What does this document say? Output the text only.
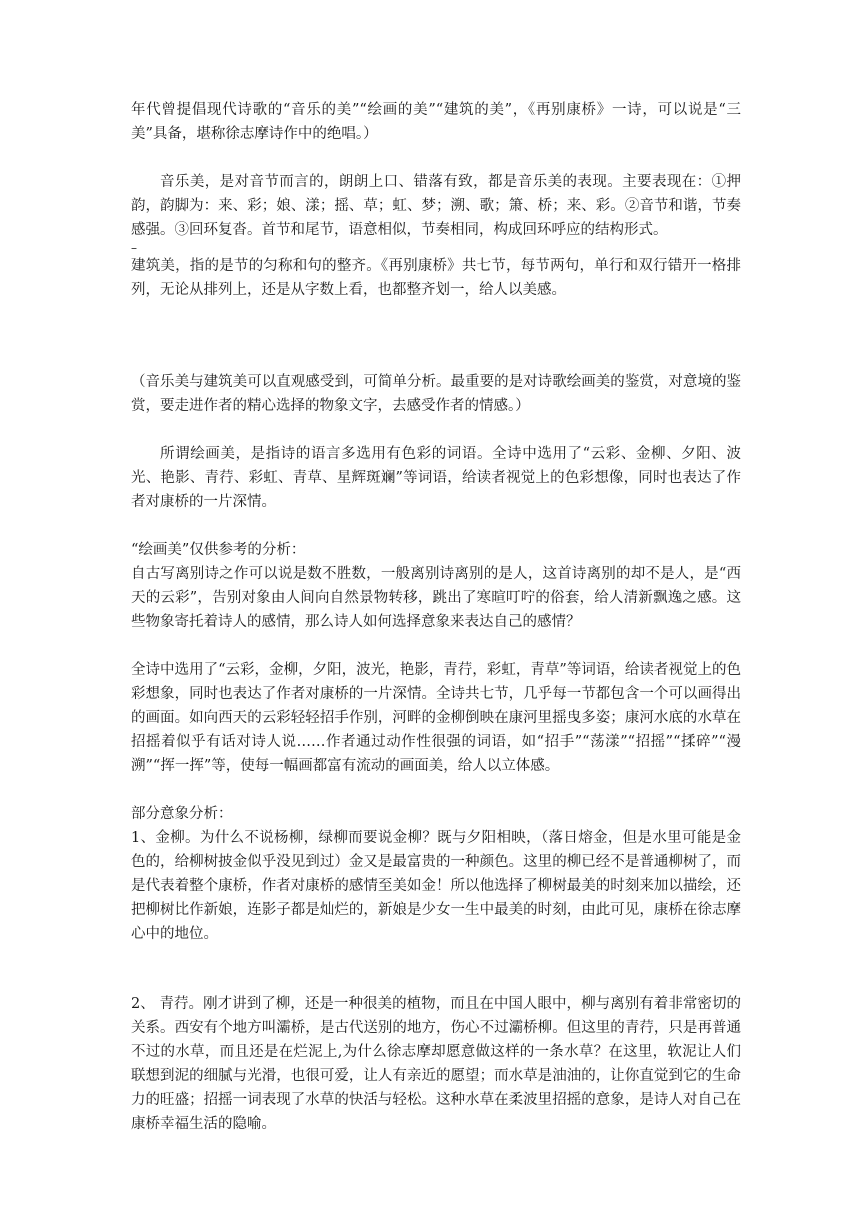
年代曾提倡现代诗歌的“音乐的美”“绘画的美”“建筑的美”，《再别康桥》一诗，可以说是“三美”具备，堪称徐志摩诗作中的绝唱。）

音乐美，是对音节而言的，朗朗上口、错落有致，都是音乐美的表现。主要表现在：①押韵，韵脚为：来、彩；娘、漾；摇、草；虹、梦；溯、歌；箫、桥；来、彩。②音节和谐，节奏感强。③回环复沓。首节和尾节，语意相似，节奏相同，构成回环呼应的结构形式。

–

建筑美，指的是节的匀称和句的整齐。《再别康桥》共七节，每节两句，单行和双行错开一格排列，无论从排列上，还是从字数上看，也都整齐划一，给人以美感。

（音乐美与建筑美可以直观感受到，可简单分析。最重要的是对诗歌绘画美的鉴赏，对意境的鉴赏，要走进作者的精心选择的物象文字，去感受作者的情感。）

所谓绘画美，是指诗的语言多选用有色彩的词语。全诗中选用了“云彩、金柳、夕阳、波光、艳影、青荇、彩虹、青草、星辉斑斓”等词语，给读者视觉上的色彩想像，同时也表达了作者对康桥的一片深情。

“绘画美”仅供参考的分析：

自古写离别诗之作可以说是数不胜数，一般离别诗离别的是人，这首诗离别的却不是人，是“西天的云彩”，告别对象由人间向自然景物转移，跳出了寒暄叮咛的俗套，给人清新飘逸之感。这些物象寄托着诗人的感情，那么诗人如何选择意象来表达自己的感情？

全诗中选用了“云彩，金柳，夕阳，波光，艳影，青荇，彩虹，青草”等词语，给读者视觉上的色彩想象，同时也表达了作者对康桥的一片深情。全诗共七节，几乎每一节都包含一个可以画得出的画面。如向西天的云彩轻轻招手作别，河畔的金柳倒映在康河里摇曳多姿；康河水底的水草在招摇着似乎有话对诗人说……作者通过动作性很强的词语，如“招手”“荡漾”“招摇”“揉碎”“漫溯”“挥一挥”等，使每一幅画都富有流动的画面美，给人以立体感。

部分意象分析：

1、金柳。为什么不说杨柳，绿柳而要说金柳？既与夕阳相映，（落日熔金，但是水里可能是金色的，给柳树披金似乎没见到过）金又是最富贵的一种颜色。这里的柳已经不是普通柳树了，而是代表着整个康桥，作者对康桥的感情至美如金！所以他选择了柳树最美的时刻来加以描绘，还把柳树比作新娘，连影子都是灿烂的，新娘是少女一生中最美的时刻，由此可见，康桥在徐志摩心中的地位。

2、 青荇。刚才讲到了柳，还是一种很美的植物，而且在中国人眼中，柳与离别有着非常密切的关系。西安有个地方叫灞桥，是古代送别的地方，伤心不过灞桥柳。但这里的青荇，只是再普通不过的水草，而且还是在烂泥上,为什么徐志摩却愿意做这样的一条水草？在这里，软泥让人们联想到泥的细腻与光滑，也很可爱，让人有亲近的愿望；而水草是油油的，让你直觉到它的生命力的旺盛；招摇一词表现了水草的快活与轻松。这种水草在柔波里招摇的意象，是诗人对自己在康桥幸福生活的隐喻。
